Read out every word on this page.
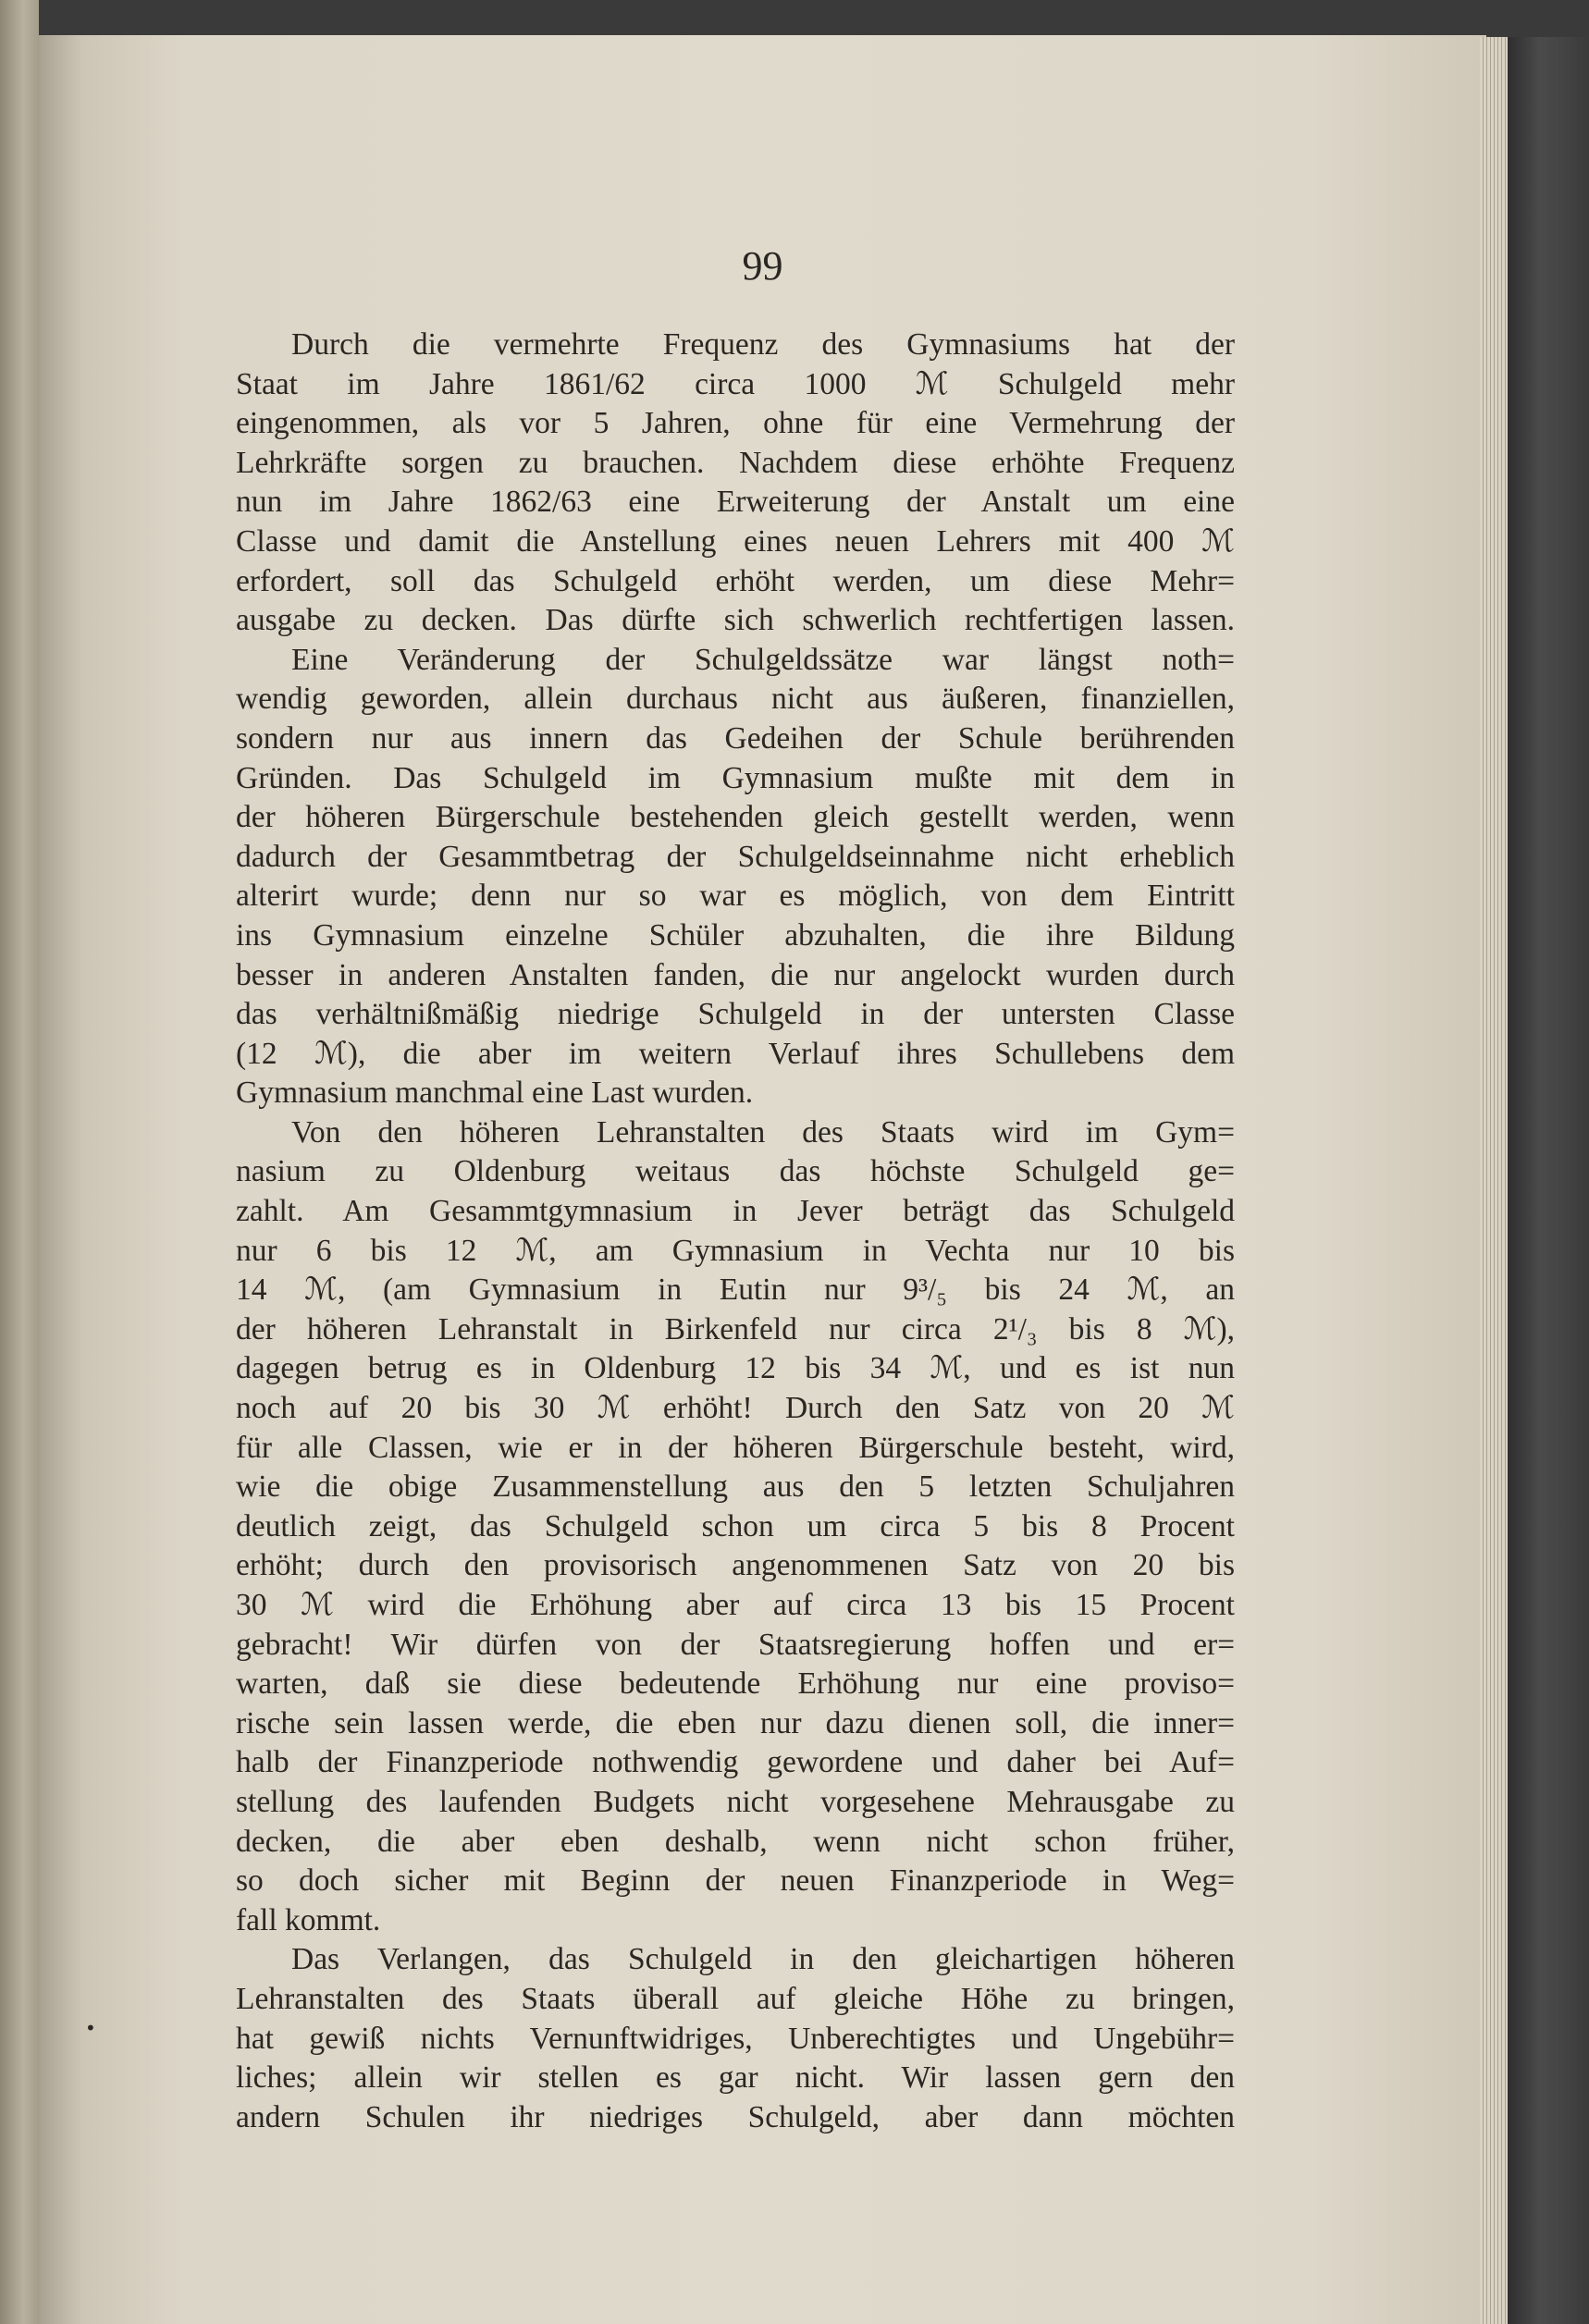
99
Durch die vermehrte Frequenz des Gymnasiums hat der
Staat im Jahre 1861/62 circa 1000 ℳ Schulgeld mehr
eingenommen, als vor 5 Jahren, ohne für eine Vermehrung der
Lehrkräfte sorgen zu brauchen. Nachdem diese erhöhte Frequenz
nun im Jahre 1862/63 eine Erweiterung der Anstalt um eine
Classe und damit die Anstellung eines neuen Lehrers mit 400 ℳ
erfordert, soll das Schulgeld erhöht werden, um diese Mehr=
ausgabe zu decken. Das dürfte sich schwerlich rechtfertigen lassen.
Eine Veränderung der Schulgeldssätze war längst noth=
wendig geworden, allein durchaus nicht aus äußeren, finanziellen,
sondern nur aus innern das Gedeihen der Schule berührenden
Gründen. Das Schulgeld im Gymnasium mußte mit dem in
der höheren Bürgerschule bestehenden gleich gestellt werden, wenn
dadurch der Gesammtbetrag der Schulgeldseinnahme nicht erheblich
alterirt wurde; denn nur so war es möglich, von dem Eintritt
ins Gymnasium einzelne Schüler abzuhalten, die ihre Bildung
besser in anderen Anstalten fanden, die nur angelockt wurden durch
das verhältnißmäßig niedrige Schulgeld in der untersten Classe
(12 ℳ), die aber im weitern Verlauf ihres Schullebens dem
Gymnasium manchmal eine Last wurden.
Von den höheren Lehranstalten des Staats wird im Gym=
nasium zu Oldenburg weitaus das höchste Schulgeld ge=
zahlt. Am Gesammtgymnasium in Jever beträgt das Schulgeld
nur 6 bis 12 ℳ, am Gymnasium in Vechta nur 10 bis
14 ℳ, (am Gymnasium in Eutin nur 9³/₅ bis 24 ℳ, an
der höheren Lehranstalt in Birkenfeld nur circa 2¹/₃ bis 8 ℳ),
dagegen betrug es in Oldenburg 12 bis 34 ℳ, und es ist nun
noch auf 20 bis 30 ℳ erhöht! Durch den Satz von 20 ℳ
für alle Classen, wie er in der höheren Bürgerschule besteht, wird,
wie die obige Zusammenstellung aus den 5 letzten Schuljahren
deutlich zeigt, das Schulgeld schon um circa 5 bis 8 Procent
erhöht; durch den provisorisch angenommenen Satz von 20 bis
30 ℳ wird die Erhöhung aber auf circa 13 bis 15 Procent
gebracht! Wir dürfen von der Staatsregierung hoffen und er=
warten, daß sie diese bedeutende Erhöhung nur eine proviso=
rische sein lassen werde, die eben nur dazu dienen soll, die inner=
halb der Finanzperiode nothwendig gewordene und daher bei Auf=
stellung des laufenden Budgets nicht vorgesehene Mehrausgabe zu
decken, die aber eben deshalb, wenn nicht schon früher,
so doch sicher mit Beginn der neuen Finanzperiode in Weg=
fall kommt.
Das Verlangen, das Schulgeld in den gleichartigen höheren
Lehranstalten des Staats überall auf gleiche Höhe zu bringen,
hat gewiß nichts Vernunftwidriges, Unberechtigtes und Ungebühr=
liches; allein wir stellen es gar nicht. Wir lassen gern den
andern Schulen ihr niedriges Schulgeld, aber dann möchten
•
